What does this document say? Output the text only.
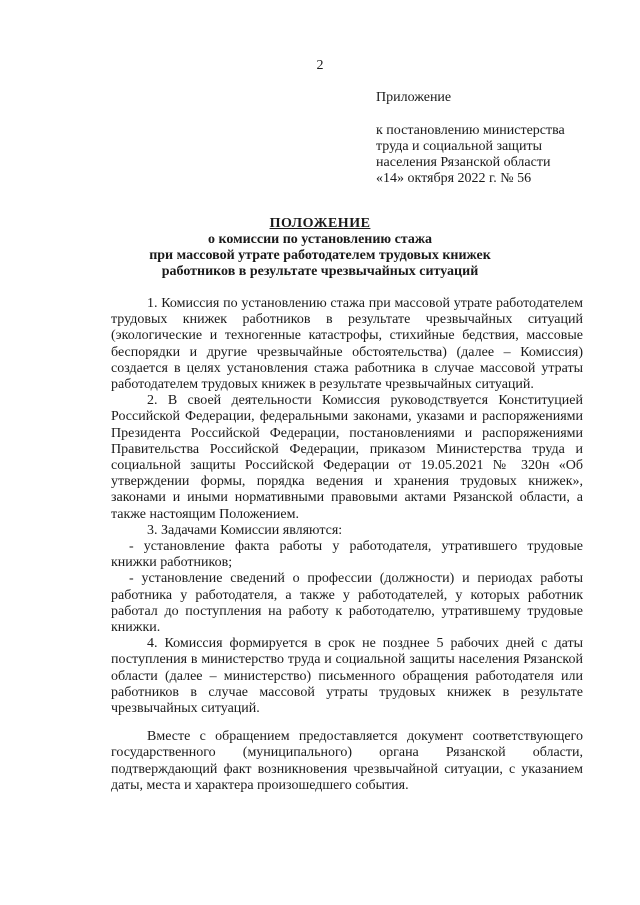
2
Приложение
к постановлению министерства
труда и социальной защиты
населения Рязанской области
«14» октября 2022 г. № 56
ПОЛОЖЕНИЕ
о комиссии по установлению стажа
при массовой утрате работодателем трудовых книжек
работников в результате чрезвычайных ситуаций

1. Комиссия по установлению стажа при массовой утрате работодателем трудовых книжек работников в результате чрезвычайных ситуаций (экологические и техногенные катастрофы, стихийные бедствия, массовые беспорядки и другие чрезвычайные обстоятельства) (далее – Комиссия) создается в целях установления стажа работника в случае массовой утраты работодателем трудовых книжек в результате чрезвычайных ситуаций.

2. В своей деятельности Комиссия руководствуется Конституцией Российской Федерации, федеральными законами, указами и распоряжениями Президента Российской Федерации, постановлениями и распоряжениями Правительства Российской Федерации, приказом Министерства труда и социальной защиты Российской Федерации от 19.05.2021 № 320н «Об утверждении формы, порядка ведения и хранения трудовых книжек», законами и иными нормативными правовыми актами Рязанской области, а также настоящим Положением.

3. Задачами Комиссии являются:

- установление факта работы у работодателя, утратившего трудовые книжки работников;

- установление сведений о профессии (должности) и периодах работы работника у работодателя, а также у работодателей, у которых работник работал до поступления на работу к работодателю, утратившему трудовые книжки.

4. Комиссия формируется в срок не позднее 5 рабочих дней с даты поступления в министерство труда и социальной защиты населения Рязанской области (далее – министерство) письменного обращения работодателя или работников в случае массовой утраты трудовых книжек в результате чрезвычайных ситуаций.

Вместе с обращением предоставляется документ соответствующего государственного (муниципального) органа Рязанской области, подтверждающий факт возникновения чрезвычайной ситуации, с указанием даты, места и характера произошедшего события.
